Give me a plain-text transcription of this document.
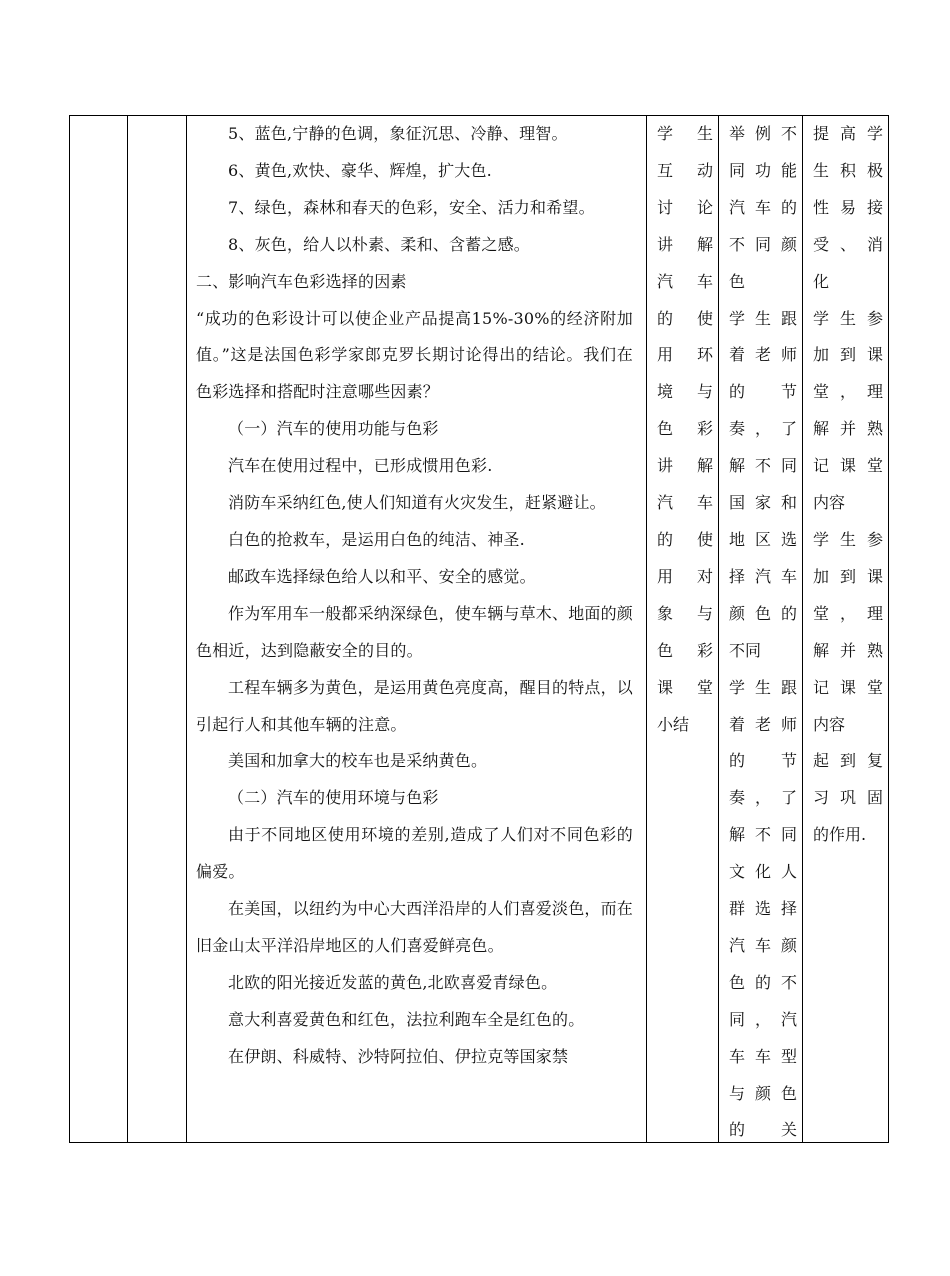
5、蓝色,宁静的色调，象征沉思、冷静、理智。

6、黄色,欢快、豪华、辉煌，扩大色.

7、绿色，森林和春天的色彩，安全、活力和希望。

8、灰色，给人以朴素、柔和、含蓄之感。

二、影响汽车色彩选择的因素

“成功的色彩设计可以使企业产品提高15%-30%的经济附加值。”这是法国色彩学家郎克罗长期讨论得出的结论。我们在色彩选择和搭配时注意哪些因素？

（一）汽车的使用功能与色彩

汽车在使用过程中，已形成惯用色彩.

消防车采纳红色,使人们知道有火灾发生，赶紧避让。

白色的抢救车，是运用白色的纯洁、神圣.

邮政车选择绿色给人以和平、安全的感觉。

作为军用车一般都采纳深绿色，使车辆与草木、地面的颜色相近，达到隐蔽安全的目的。

工程车辆多为黄色，是运用黄色亮度高，醒目的特点，以引起行人和其他车辆的注意。

美国和加拿大的校车也是采纳黄色。

（二）汽车的使用环境与色彩

由于不同地区使用环境的差别,造成了人们对不同色彩的偏爱。

在美国，以纽约为中心大西洋沿岸的人们喜爱淡色，而在旧金山太平洋沿岸地区的人们喜爱鲜亮色。

北欧的阳光接近发蓝的黄色,北欧喜爱青绿色。

意大利喜爱黄色和红色，法拉利跑车全是红色的。

在伊朗、科威特、沙特阿拉伯、伊拉克等国家禁

学生

互动

讨论

讲解

汽车

的使

用环

境与

色彩

讲解

汽车

的使

用对

象与

色彩

课堂

小结

举例不

同功能

汽车的

不同颜

色

学生跟

着老师

的节

奏，了

解不同

国家和

地区选

择汽车

颜色的

不同

学生跟

着老师

的节

奏，了

解不同

文化人

群选择

汽车颜

色的不

同，汽

车车型

与颜色

的关

提高学

生积极

性易接

受、消

化

学生参

加到课

堂，理

解并熟

记课堂

内容

学生参

加到课

堂，理

解并熟

记课堂

内容

起到复

习巩固

的作用.
